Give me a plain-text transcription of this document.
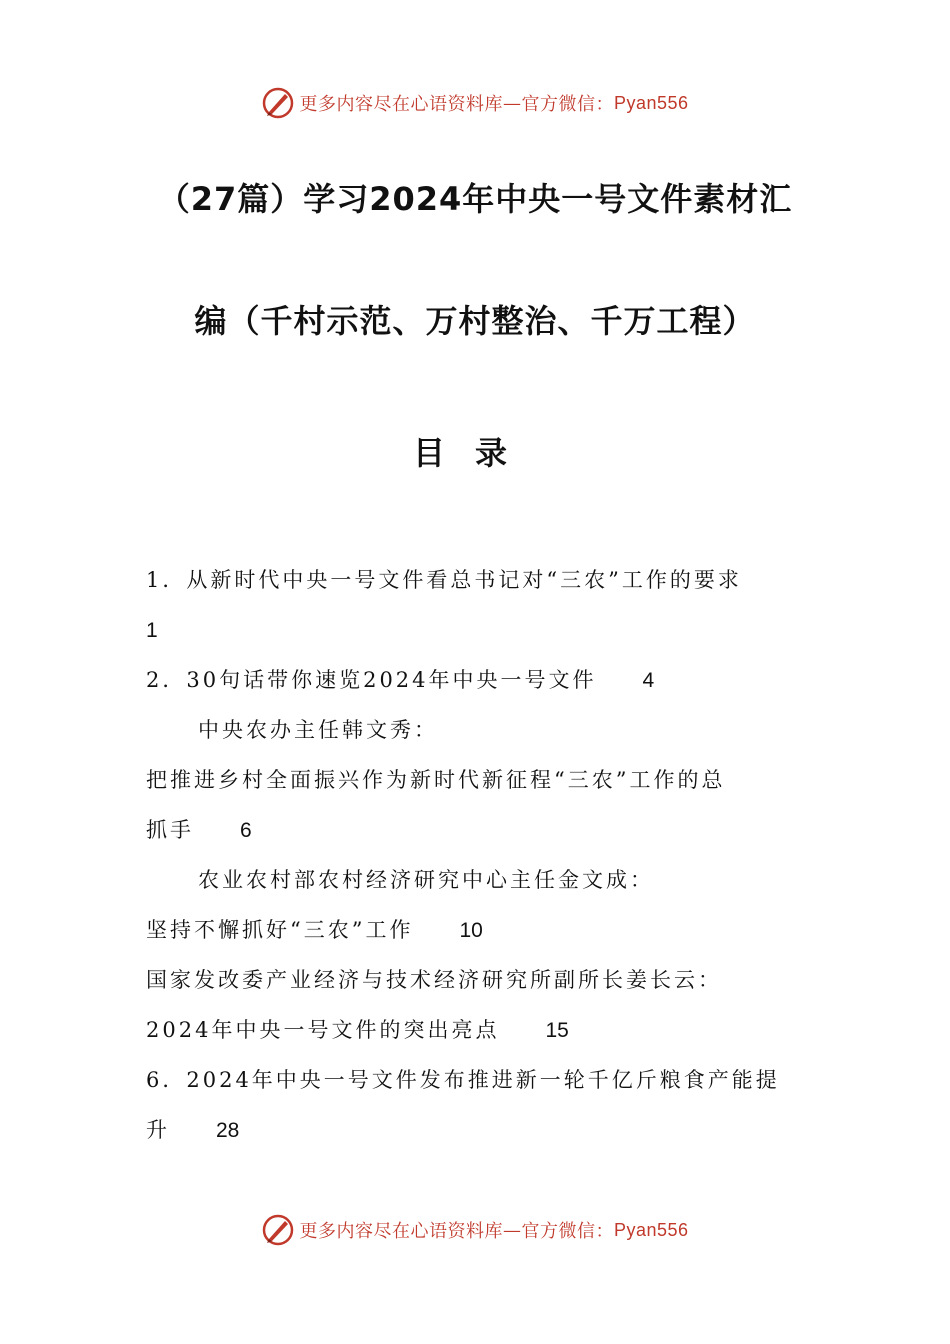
更多内容尽在心语资料库 — 官方微信： Pyan556
（27篇）学习2024年中央一号文件素材汇
编（千村示范、万村整治、千万工程）
目录
1．从新时代中央一号文件看总书记对“三农”工作的要求
1
2．30句话带你速览2024年中央一号文件 4
中央农办主任韩文秀：
把推进乡村全面振兴作为新时代新征程“三农”工作的总
抓手 6
农业农村部农村经济研究中心主任金文成：
坚持不懈抓好“三农”工作 10
国家发改委产业经济与技术经济研究所副所长姜长云：
2024年中央一号文件的突出亮点 15
6．2024年中央一号文件发布推进新一轮千亿斤粮食产能提
升 28
更多内容尽在心语资料库 — 官方微信： Pyan556
